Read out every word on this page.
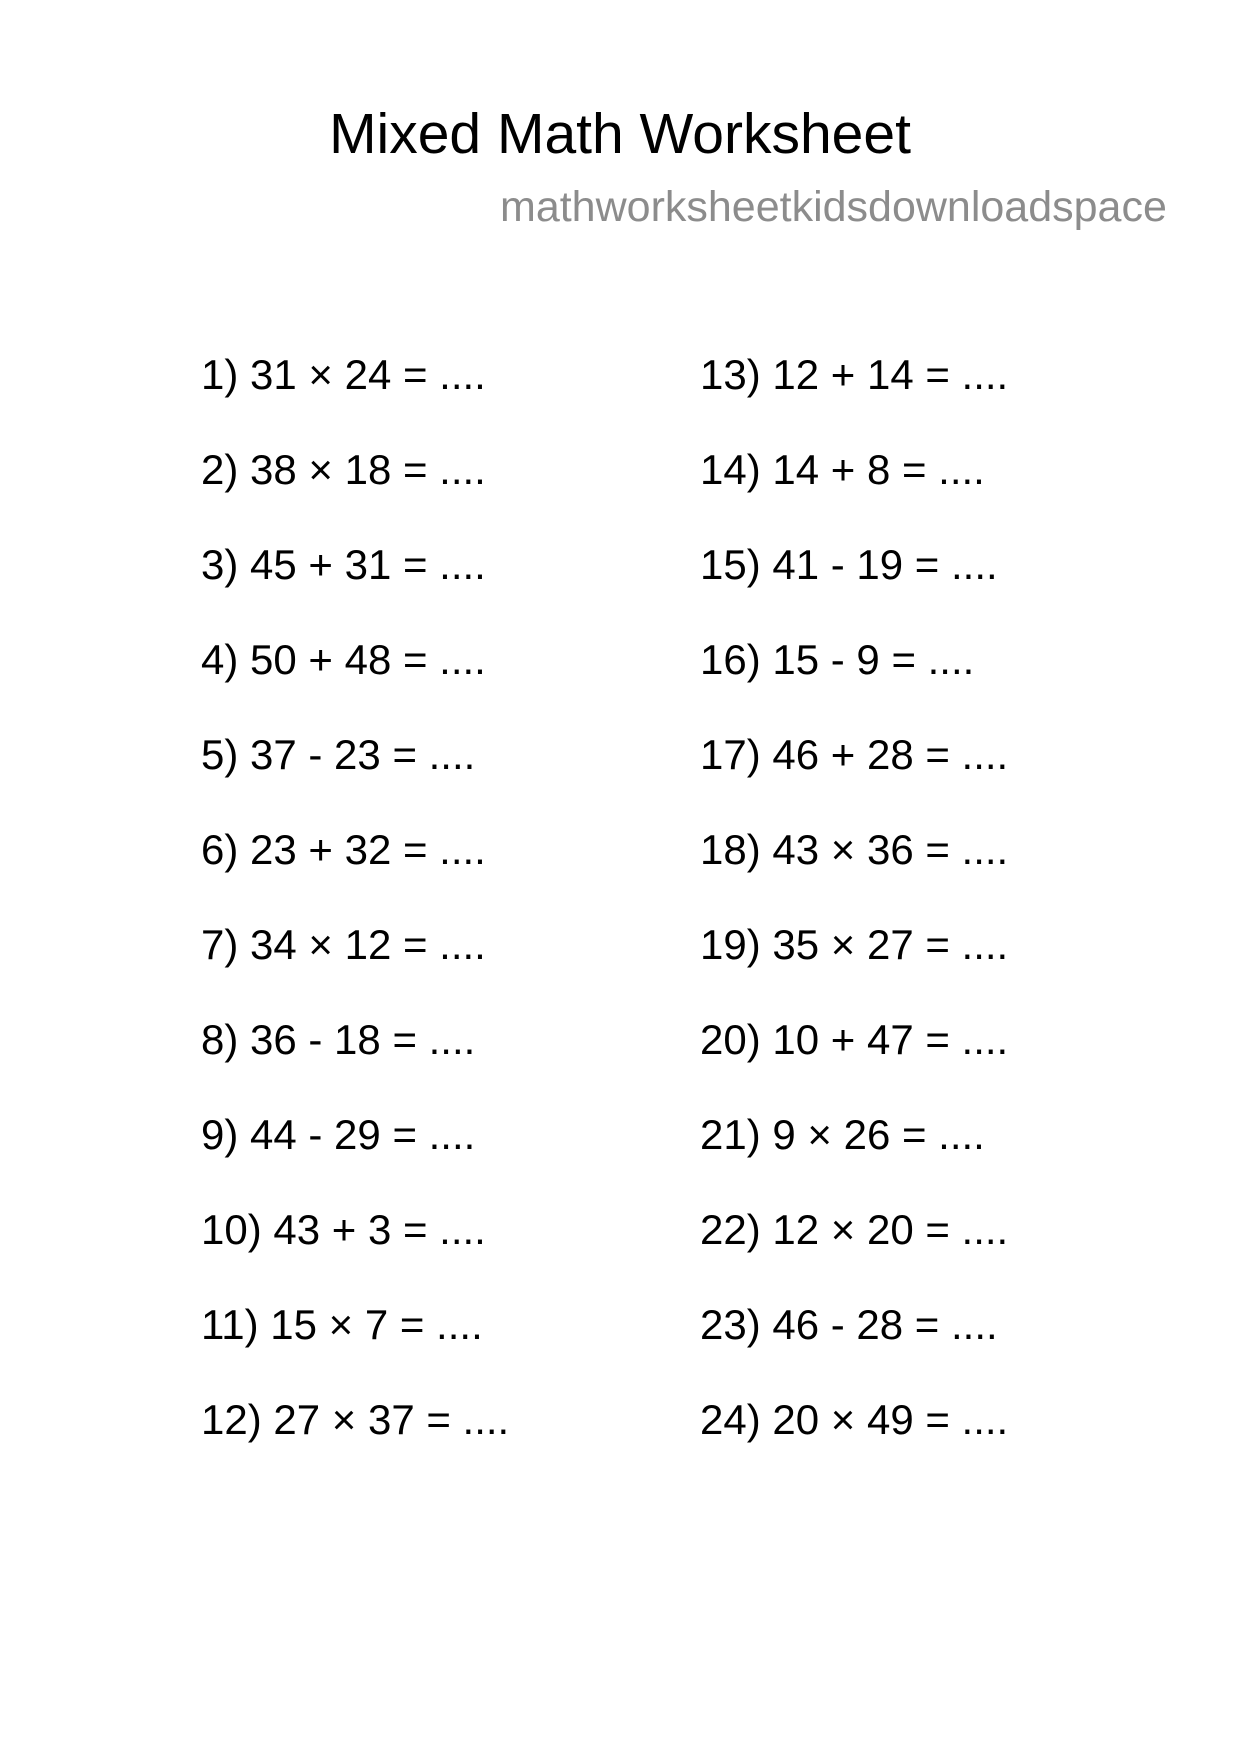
Mixed Math Worksheet
mathworksheetkidsdownloadspace
1) 31 × 24 = ....
2) 38 × 18 = ....
3) 45 + 31 = ....
4) 50 + 48 = ....
5) 37 - 23 = ....
6) 23 + 32 = ....
7) 34 × 12 = ....
8) 36 - 18 = ....
9) 44 - 29 = ....
10) 43 + 3 = ....
11) 15 × 7 = ....
12) 27 × 37 = ....
13) 12 + 14 = ....
14) 14 + 8 = ....
15) 41 - 19 = ....
16) 15 - 9 = ....
17) 46 + 28 = ....
18) 43 × 36 = ....
19) 35 × 27 = ....
20) 10 + 47 = ....
21) 9 × 26 = ....
22) 12 × 20 = ....
23) 46 - 28 = ....
24) 20 × 49 = ....
